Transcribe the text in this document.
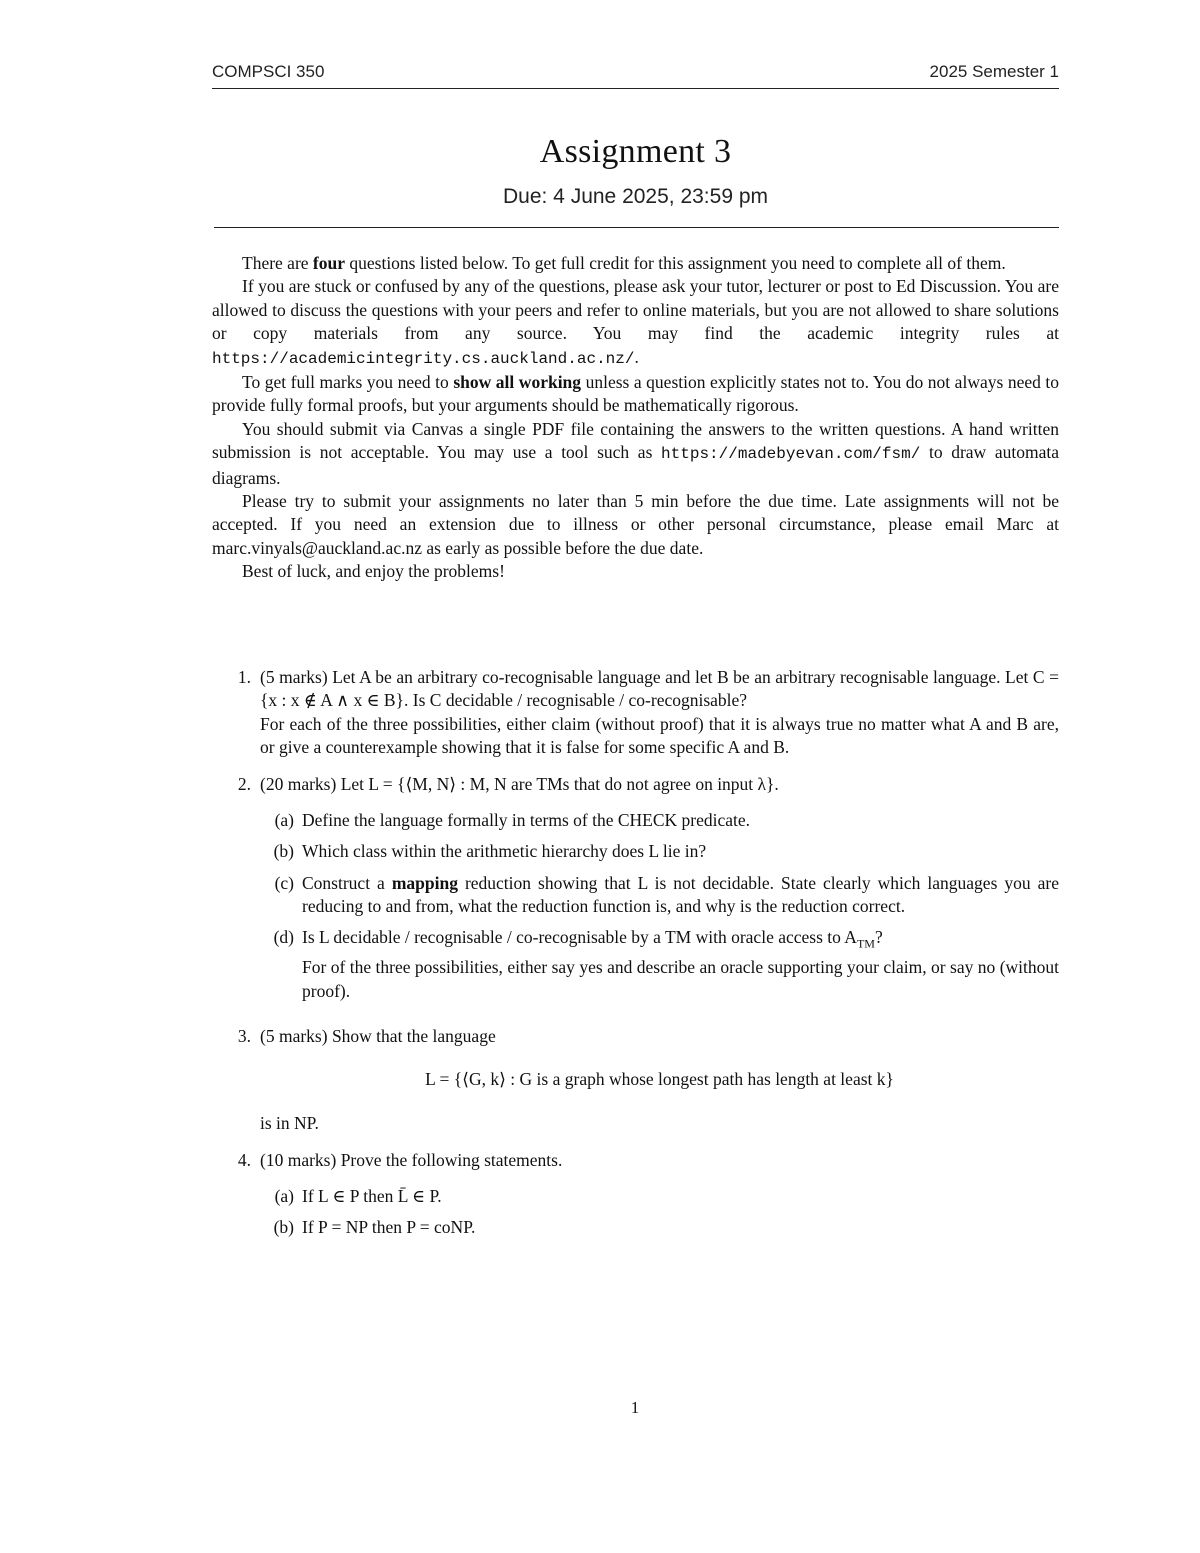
COMPSCI 350	2025 Semester 1
Assignment 3
Due: 4 June 2025, 23:59 pm

There are four questions listed below. To get full credit for this assignment you need to complete all of them.

If you are stuck or confused by any of the questions, please ask your tutor, lecturer or post to Ed Discussion. You are allowed to discuss the questions with your peers and refer to online materials, but you are not allowed to share solutions or copy materials from any source. You may find the academic integrity rules at https://academicintegrity.cs.auckland.ac.nz/.

To get full marks you need to show all working unless a question explicitly states not to. You do not always need to provide fully formal proofs, but your arguments should be mathematically rigorous.

You should submit via Canvas a single PDF file containing the answers to the written questions. A hand written submission is not acceptable. You may use a tool such as https://madebyevan.com/fsm/ to draw automata diagrams.

Please try to submit your assignments no later than 5 min before the due time. Late assignments will not be accepted. If you need an extension due to illness or other personal circumstance, please email Marc at marc.vinyals@auckland.ac.nz as early as possible before the due date.

Best of luck, and enjoy the problems!

1. (5 marks) Let A be an arbitrary co-recognisable language and let B be an arbitrary recognisable language. Let C = {x : x ∉ A ∧ x ∈ B}. Is C decidable / recognisable / co-recognisable?

For each of the three possibilities, either claim (without proof) that it is always true no matter what A and B are, or give a counterexample showing that it is false for some specific A and B.

2. (20 marks) Let L = {⟨M, N⟩ : M, N are TMs that do not agree on input λ}.

(a) Define the language formally in terms of the CHECK predicate.
(b) Which class within the arithmetic hierarchy does L lie in?
(c) Construct a mapping reduction showing that L is not decidable. State clearly which languages you are reducing to and from, what the reduction function is, and why is the reduction correct.
(d) Is L decidable / recognisable / co-recognisable by a TM with oracle access to $A_{TM}$?
For of the three possibilities, either say yes and describe an oracle supporting your claim, or say no (without proof).
3. (5 marks) Show that the language

L = {⟨G, k⟩ : G is a graph whose longest path has length at least k}

is in NP.

4. (10 marks) Prove the following statements.

(a) If L ∈ P then L̄ ∈ P.
(b) If P = NP then P = coNP.
1
